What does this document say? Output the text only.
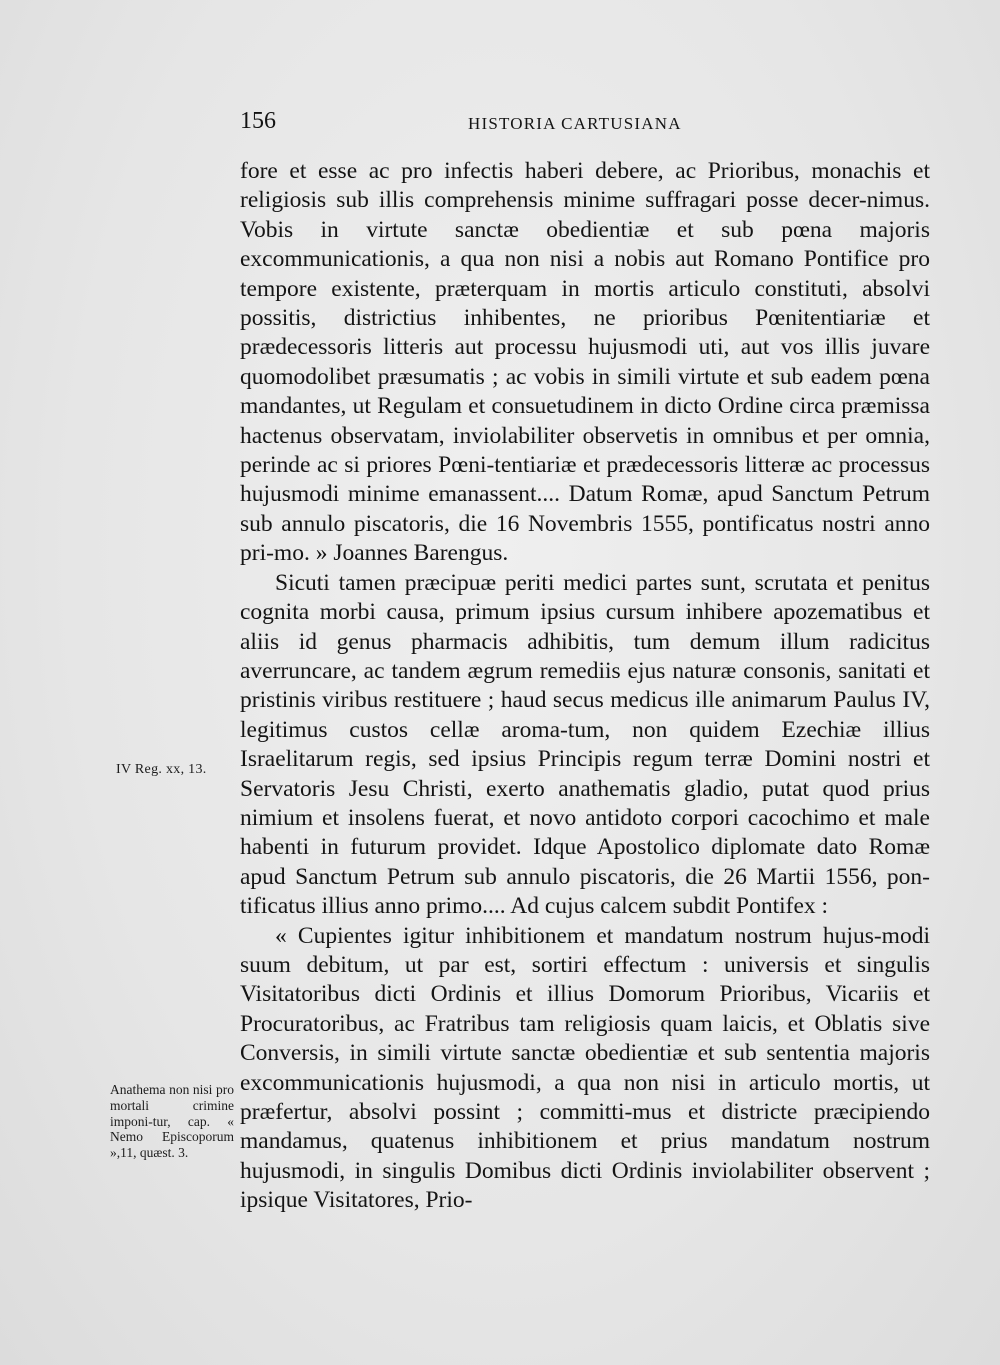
156	HISTORIA CARTUSIANA
IV Reg. xx, 13.
Anathema non nisi pro mortali crimine imponi-tur, cap. « Nemo Episcoporum »,11, quæst. 3.

fore et esse ac pro infectis haberi debere, ac Prioribus, monachis et religiosis sub illis comprehensis minime suffragari posse decer-nimus. Vobis in virtute sanctæ obedientiæ et sub pœna majoris excommunicationis, a qua non nisi a nobis aut Romano Pontifice pro tempore existente, præterquam in mortis articulo constituti, absolvi possitis, districtius inhibentes, ne prioribus Pœnitentiariæ et prædecessoris litteris aut processu hujusmodi uti, aut vos illis juvare quomodolibet præsumatis ; ac vobis in simili virtute et sub eadem pœna mandantes, ut Regulam et consuetudinem in dicto Ordine circa præmissa hactenus observatam, inviolabiliter observetis in omnibus et per omnia, perinde ac si priores Pœni-tentiariæ et prædecessoris litteræ ac processus hujusmodi minime emanassent.... Datum Romæ, apud Sanctum Petrum sub annulo piscatoris, die 16 Novembris 1555, pontificatus nostri anno pri-mo. » Joannes Barengus.

Sicuti tamen præcipuæ periti medici partes sunt, scrutata et penitus cognita morbi causa, primum ipsius cursum inhibere apozematibus et aliis id genus pharmacis adhibitis, tum demum illum radicitus averruncare, ac tandem ægrum remediis ejus naturæ consonis, sanitati et pristinis viribus restituere ; haud secus medicus ille animarum Paulus IV, legitimus custos cellæ aroma-tum, non quidem Ezechiæ illius Israelitarum regis, sed ipsius Principis regum terræ Domini nostri et Servatoris Jesu Christi, exerto anathematis gladio, putat quod prius nimium et insolens fuerat, et novo antidoto corpori cacochimo et male habenti in futurum providet. Idque Apostolico diplomate dato Romæ apud Sanctum Petrum sub annulo piscatoris, die 26 Martii 1556, pon-tificatus illius anno primo.... Ad cujus calcem subdit Pontifex :

« Cupientes igitur inhibitionem et mandatum nostrum hujus-modi suum debitum, ut par est, sortiri effectum : universis et singulis Visitatoribus dicti Ordinis et illius Domorum Prioribus, Vicariis et Procuratoribus, ac Fratribus tam religiosis quam laicis, et Oblatis sive Conversis, in simili virtute sanctæ obedientiæ et sub sententia majoris excommunicationis hujusmodi, a qua non nisi in articulo mortis, ut præfertur, absolvi possint ; committi-mus et districte præcipiendo mandamus, quatenus inhibitionem et prius mandatum nostrum hujusmodi, in singulis Domibus dicti Ordinis inviolabiliter observent ; ipsique Visitatores, Prio-
